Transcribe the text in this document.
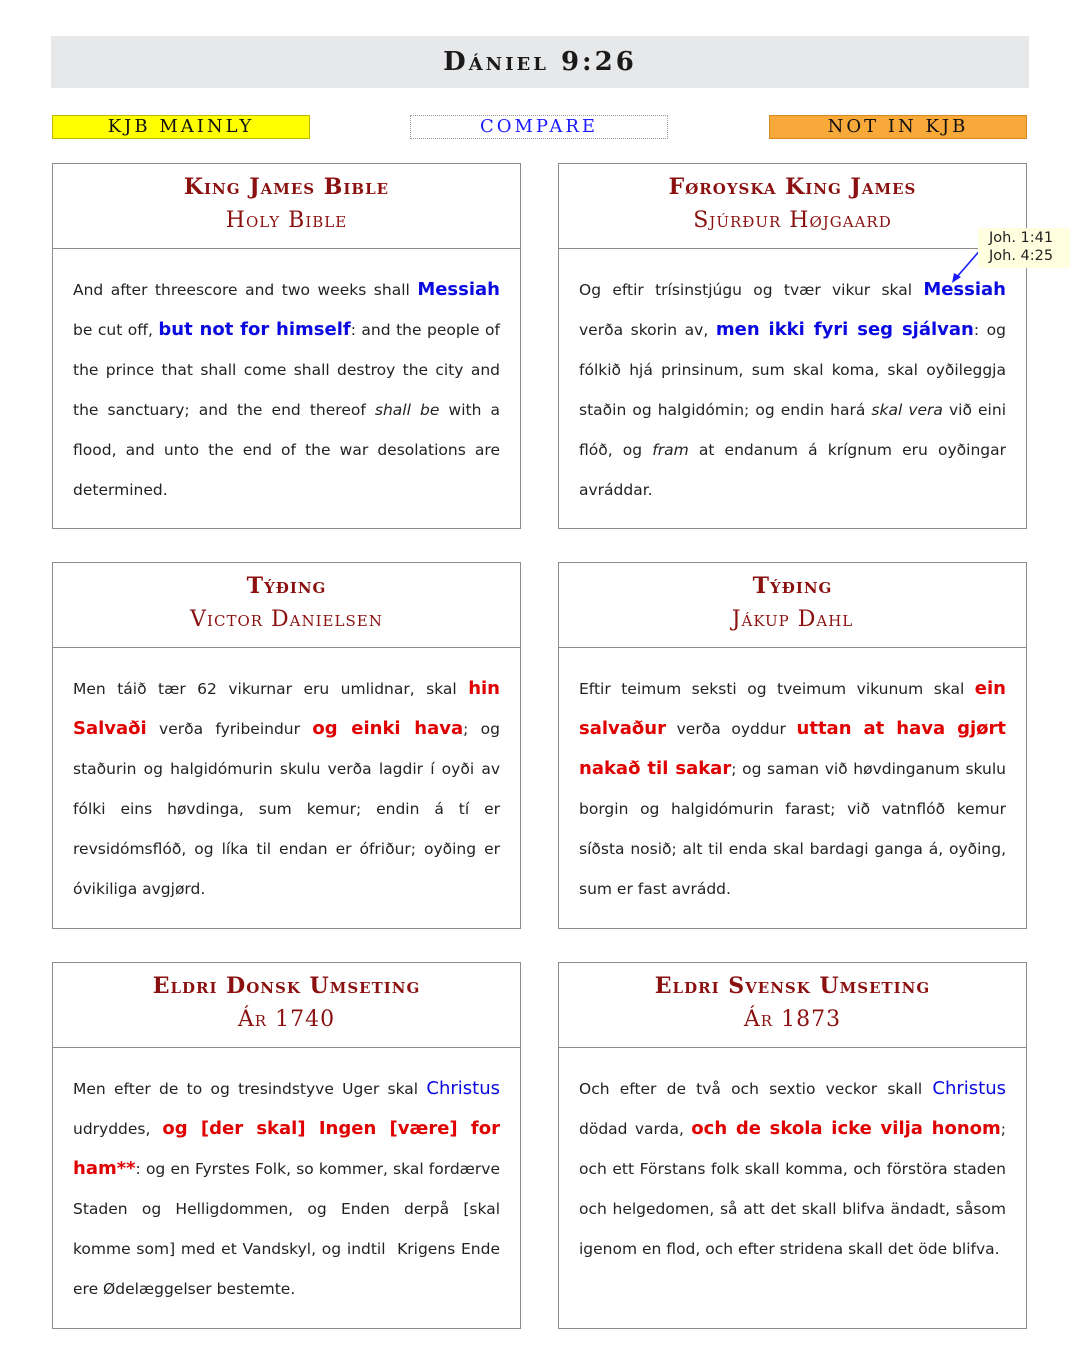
Dániel 9:26
KJB MAINLY	COMPARE	NOT IN KJB
King James Bible
Holy Bible
And after threescore and two weeks shall Messiah be cut off, but not for himself: and the people of the prince that shall come shall destroy the city and the sanctuary; and the end thereof shall be with a flood, and unto the end of the war desolations are determined.
Føroyska King James
Sjúrður Højgaard
Og eftir trísinstjúgu og tvær vikur skal Messiah verða skorin av, men ikki fyri seg sjálvan: og fólkið hjá prinsinum, sum skal koma, skal oyðileggja staðin og halgidómin; og endin hará skal vera við eini flóð, og fram at endanum á krígnum eru oyðingar avráddar.
Týðing
Victor Danielsen
Men táið tær 62 vikurnar eru umlidnar, skal hin Salvaði verða fyribeindur og einki hava; og staðurin og halgidómurin skulu verða lagdir í oyði av fólki eins høvdinga, sum kemur; endin á tí er revsidómsflóð, og líka til endan er ófriður; oyðing er óvikiliga avgjørd.
Týðing
Jákup Dahl
Eftir teimum seksti og tveimum vikunum skal ein salvaður verða oyddur uttan at hava gjørt nakað til sakar; og saman við høvdinganum skulu borgin og halgidómurin farast; við vatnflóð kemur síðsta nosið; alt til enda skal bardagi ganga á, oyðing, sum er fast avrádd.
Eldri Donsk Umseting
Ár 1740
Men efter de to og tresindstyve Uger skal Christus udryddes, og [der skal] Ingen [være] for ham**: og en Fyrstes Folk, so kommer, skal fordærve Staden og Helligdommen, og Enden derpå [skal komme som] med et Vandskyl, og indtil  Krigens Ende ere Ødelæggelser bestemte.
Eldri Svensk Umseting
Ár 1873
Och efter de två och sextio veckor skall Christus dödad varda, och de skola icke vilja honom; och ett Förstans folk skall komma, och förstöra staden och helgedomen, så att det skall blifva ändadt, såsom igenom en flod, och efter stridena skall det öde blifva.
Joh. 1:41
Joh. 4:25
